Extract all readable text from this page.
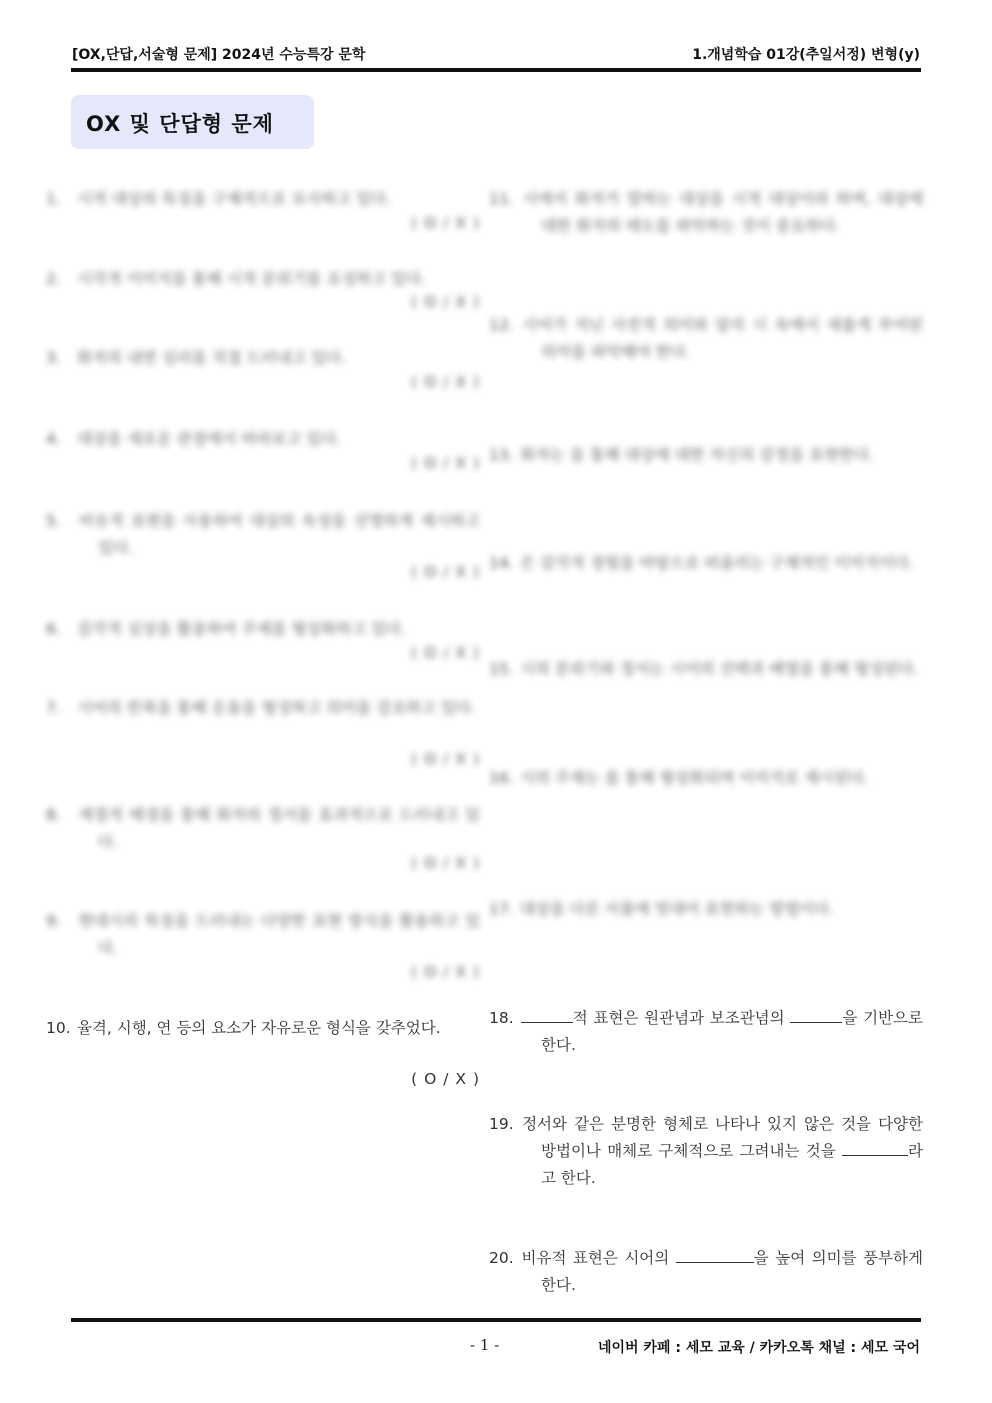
[OX,단답,서술형 문제] 2024년 수능특강 문학	1.개념학습 01강(추일서정) 변형(y)
OX 및 단답형 문제
1. 시적 대상의 특징을 구체적으로 묘사하고 있다.
( O / X )
2. 시각적 이미지를 통해 시적 분위기를 조성하고 있다.
( O / X )
3. 화자의 내면 심리를 직접 드러내고 있다.
( O / X )
4. 대상을 새로운 관점에서 바라보고 있다.
( O / X )
5. 비유적 표현을 사용하여 대상의 속성을 선명하게 제시하고 있다.
( O / X )
6. 감각적 심상을 활용하여 주제를 형상화하고 있다.
( O / X )
7. 시어의 반복을 통해 운율을 형성하고 의미를 강조하고 있다.
( O / X )
8. 계절적 배경을 통해 화자의 정서를 효과적으로 드러내고 있다.
( O / X )
9. 현대시의 특징을 드러내는 다양한 표현 방식을 활용하고 있다.
( O / X )
10. 율격, 시행, 연 등의 요소가 자유로운 형식을 갖추었다.
( O / X )
11. 시에서 화자가 말하는 대상을 시적 대상이라 하며, 대상에 대한 화자의 태도를 파악하는 것이 중요하다.
12. 시어가 지닌 사전적 의미와 달리 시 속에서 새롭게 부여된 의미를 파악해야 한다.
13. 화자는 을 통해 대상에 대한 자신의 감정을 표현한다.
14. 은 감각적 경험을 바탕으로 떠올리는 구체적인 이미지이다.
15. 시의 분위기와 정서는 시어의 선택과 배열을 통해 형성된다.
16. 시의 주제는 를 통해 형상화되며 이미지로 제시된다.
17. 대상을 다른 사물에 빗대어 표현하는 방법이다.
18.	적 표현은 원관념과 보조관념의	을 기반으로 한다.
19. 정서와 같은 분명한 형체로 나타나 있지 않은 것을 다양한 방법이나 매체로 구체적으로 그려내는 것을	라고 한다.
20. 비유적 표현은 시어의	을 높여 의미를 풍부하게 한다.
- 1 -	네이버 카페 : 세모 교육 / 카카오톡 채널 : 세모 국어
